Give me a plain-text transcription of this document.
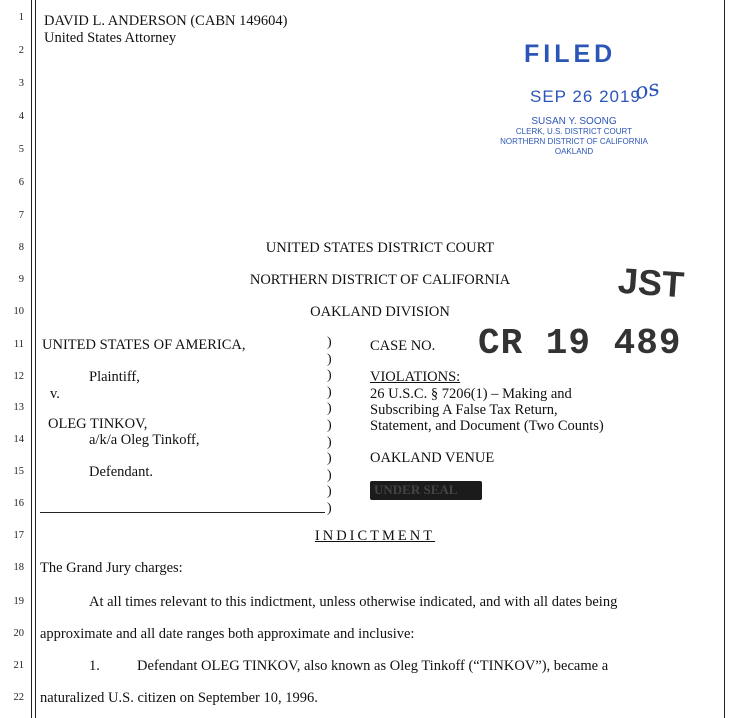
1
2
3
4
5
6
7
8
9
10
11
12
13
14
15
16
17
18
19
20
21
22
DAVID L. ANDERSON (CABN 149604)
United States Attorney
FILED
SEP 26 2019
os
SUSAN Y. SOONG
CLERK, U.S. DISTRICT COURT
NORTHERN DISTRICT OF CALIFORNIA
OAKLAND
UNITED STATES DISTRICT COURT
NORTHERN DISTRICT OF CALIFORNIA
OAKLAND DIVISION
JST
UNITED STATES OF AMERICA,
Plaintiff,
v.
OLEG TINKOV,
a/k/a Oleg Tinkoff,
Defendant.
)
)
)
)
)
)
)
)
)
)
)
CASE NO. CR 19 489
VIOLATIONS:
26 U.S.C. § 7206(1) – Making and
Subscribing A False Tax Return,
Statement, and Document (Two Counts)
OAKLAND VENUE
UNDER SEAL
INDICTMENT
The Grand Jury charges:
At all times relevant to this indictment, unless otherwise indicated, and with all dates being
approximate and all date ranges both approximate and inclusive:
1.	Defendant OLEG TINKOV, also known as Oleg Tinkoff (“TINKOV”), became a
naturalized U.S. citizen on September 10, 1996.
